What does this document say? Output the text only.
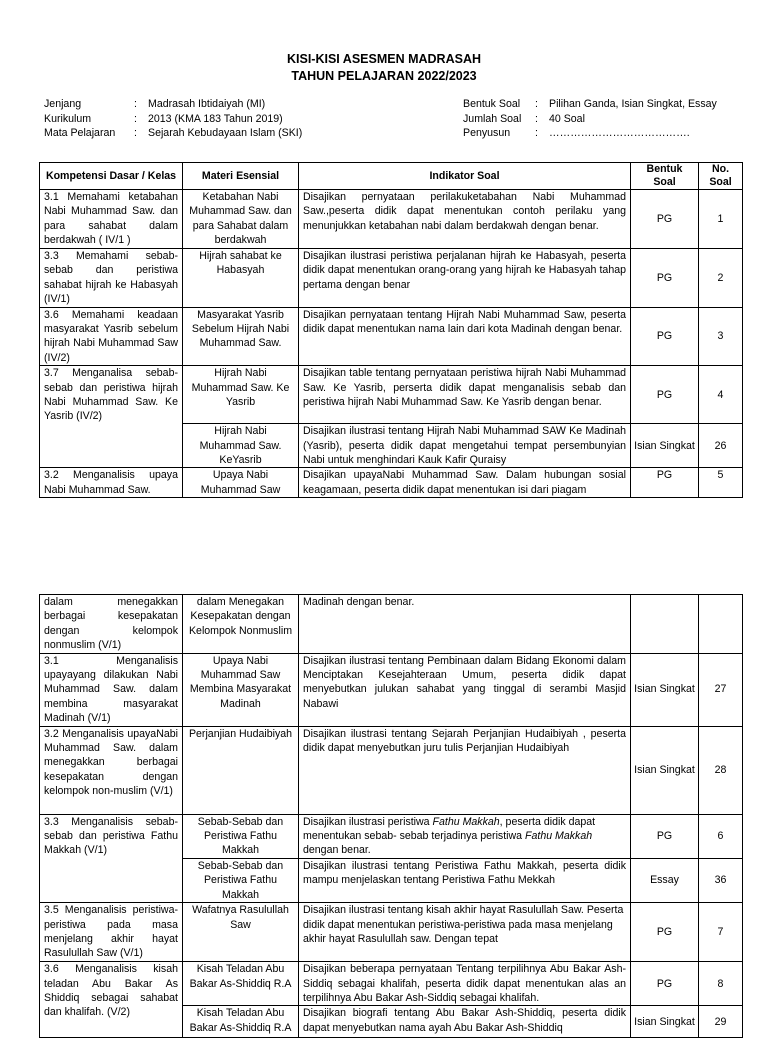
KISI-KISI ASESMEN MADRASAH
TAHUN PELAJARAN 2022/2023
Jenjang	:	Madrasah Ibtidaiyah (MI)
Kurikulum	:	2013 (KMA 183 Tahun 2019)
Mata Pelajaran	:	Sejarah Kebudayaan Islam (SKI)
Bentuk Soal	:	Pilihan Ganda, Isian Singkat, Essay
Jumlah Soal	:	40 Soal
Penyusun	:	………………………………….
Kompetensi Dasar / Kelas	Materi Esensial	Indikator Soal	Bentuk Soal	No. Soal
3.1 Memahami ketabahan Nabi Muhammad Saw. dan para sahabat dalam berdakwah ( IV/1 )	Ketabahan Nabi Muhammad Saw. dan para Sahabat dalam berdakwah	Disajikan pernyataan perilakuketabahan Nabi Muhammad Saw.,peserta didik dapat menentukan contoh perilaku yang menunjukkan ketabahan nabi dalam berdakwah dengan benar.	PG	1
3.3 Memahami sebab-sebab dan peristiwa sahabat hijrah ke Habasyah (IV/1)	Hijrah sahabat ke Habasyah	Disajikan ilustrasi peristiwa perjalanan hijrah ke Habasyah, peserta didik dapat menentukan orang-orang yang hijrah ke Habasyah tahap pertama dengan benar	PG	2
3.6 Memahami keadaan masyarakat Yasrib sebelum hijrah Nabi Muhammad Saw (IV/2)	Masyarakat Yasrib Sebelum Hijrah Nabi Muhammad Saw.	Disajikan pernyataan tentang Hijrah Nabi Muhammad Saw, peserta didik dapat menentukan nama lain dari kota Madinah dengan benar.	PG	3
3.7 Menganalisa sebab-sebab dan peristiwa hijrah Nabi Muhammad Saw. Ke Yasrib (IV/2)	Hijrah Nabi Muhammad Saw. Ke Yasrib	Disajikan table tentang pernyataan peristiwa hijrah Nabi Muhammad Saw. Ke Yasrib, perserta didik dapat menganalisis sebab dan peristiwa hijrah Nabi Muhammad Saw. Ke Yasrib dengan benar.	PG	4
	Hijrah Nabi Muhammad Saw. KeYasrib	Disajikan ilustrasi tentang Hijrah Nabi Muhammad SAW Ke Madinah (Yasrib), peserta didik dapat mengetahui tempat persembunyian Nabi untuk menghindari Kauk Kafir Quraisy	Isian Singkat	26
3.2 Menganalisis upaya Nabi Muhammad Saw.	Upaya Nabi Muhammad Saw	Disajikan upayaNabi Muhammad Saw. Dalam hubungan sosial keagamaan, peserta didik dapat menentukan isi dari piagam	PG	5
dalam menegakkan berbagai kesepakatan dengan kelompok nonmuslim (V/1)	dalam Menegakan Kesepakatan dengan Kelompok Nonmuslim	Madinah dengan benar.		
3.1 Menganalisis upayayang dilakukan Nabi Muhammad Saw. dalam membina masyarakat Madinah (V/1)	Upaya Nabi Muhammad Saw Membina Masyarakat Madinah	Disajikan ilustrasi tentang Pembinaan dalam Bidang Ekonomi dalam Menciptakan Kesejahteraan Umum, peserta didik dapat menyebutkan julukan sahabat yang tinggal di serambi Masjid Nabawi	Isian Singkat	27
3.2 Menganalisis upayaNabi Muhammad Saw. dalam menegakkan berbagai kesepakatan dengan kelompok non-muslim (V/1)	Perjanjian Hudaibiyah	Disajikan ilustrasi tentang Sejarah Perjanjian Hudaibiyah , peserta didik dapat menyebutkan juru tulis Perjanjian Hudaibiyah	Isian Singkat	28
3.3 Menganalisis sebab-sebab dan peristiwa Fathu Makkah (V/1)	Sebab-Sebab dan Peristiwa Fathu Makkah	Disajikan ilustrasi peristiwa Fathu Makkah, peserta didik dapat menentukan sebab- sebab terjadinya peristiwa Fathu Makkah dengan benar.	PG	6
	Sebab-Sebab dan Peristiwa Fathu Makkah	Disajikan ilustrasi tentang Peristiwa Fathu Makkah, peserta didik mampu menjelaskan tentang Peristiwa Fathu Mekkah	Essay	36
3.5 Menganalisis peristiwa-peristiwa pada masa menjelang akhir hayat Rasulullah Saw (V/1)	Wafatnya Rasulullah Saw	Disajikan ilustrasi tentang kisah akhir hayat Rasulullah Saw. Peserta didik dapat menentukan peristiwa-peristiwa pada masa menjelang akhir hayat Rasulullah saw. Dengan tepat	PG	7
3.6 Menganalisis kisah teladan Abu Bakar As Shiddiq sebagai sahabat dan khalifah. (V/2)	Kisah Teladan Abu Bakar As-Shiddiq R.A	Disajikan beberapa pernyataan Tentang terpilihnya Abu Bakar Ash-Siddiq sebagai khalifah, peserta didik dapat menentukan alas an terpilihnya Abu Bakar Ash-Siddiq sebagai khalifah.	PG	8
	Kisah Teladan Abu Bakar As-Shiddiq R.A	Disajikan biografi tentang Abu Bakar Ash-Shiddiq, peserta didik dapat menyebutkan nama ayah Abu Bakar Ash-Shiddiq	Isian Singkat	29
